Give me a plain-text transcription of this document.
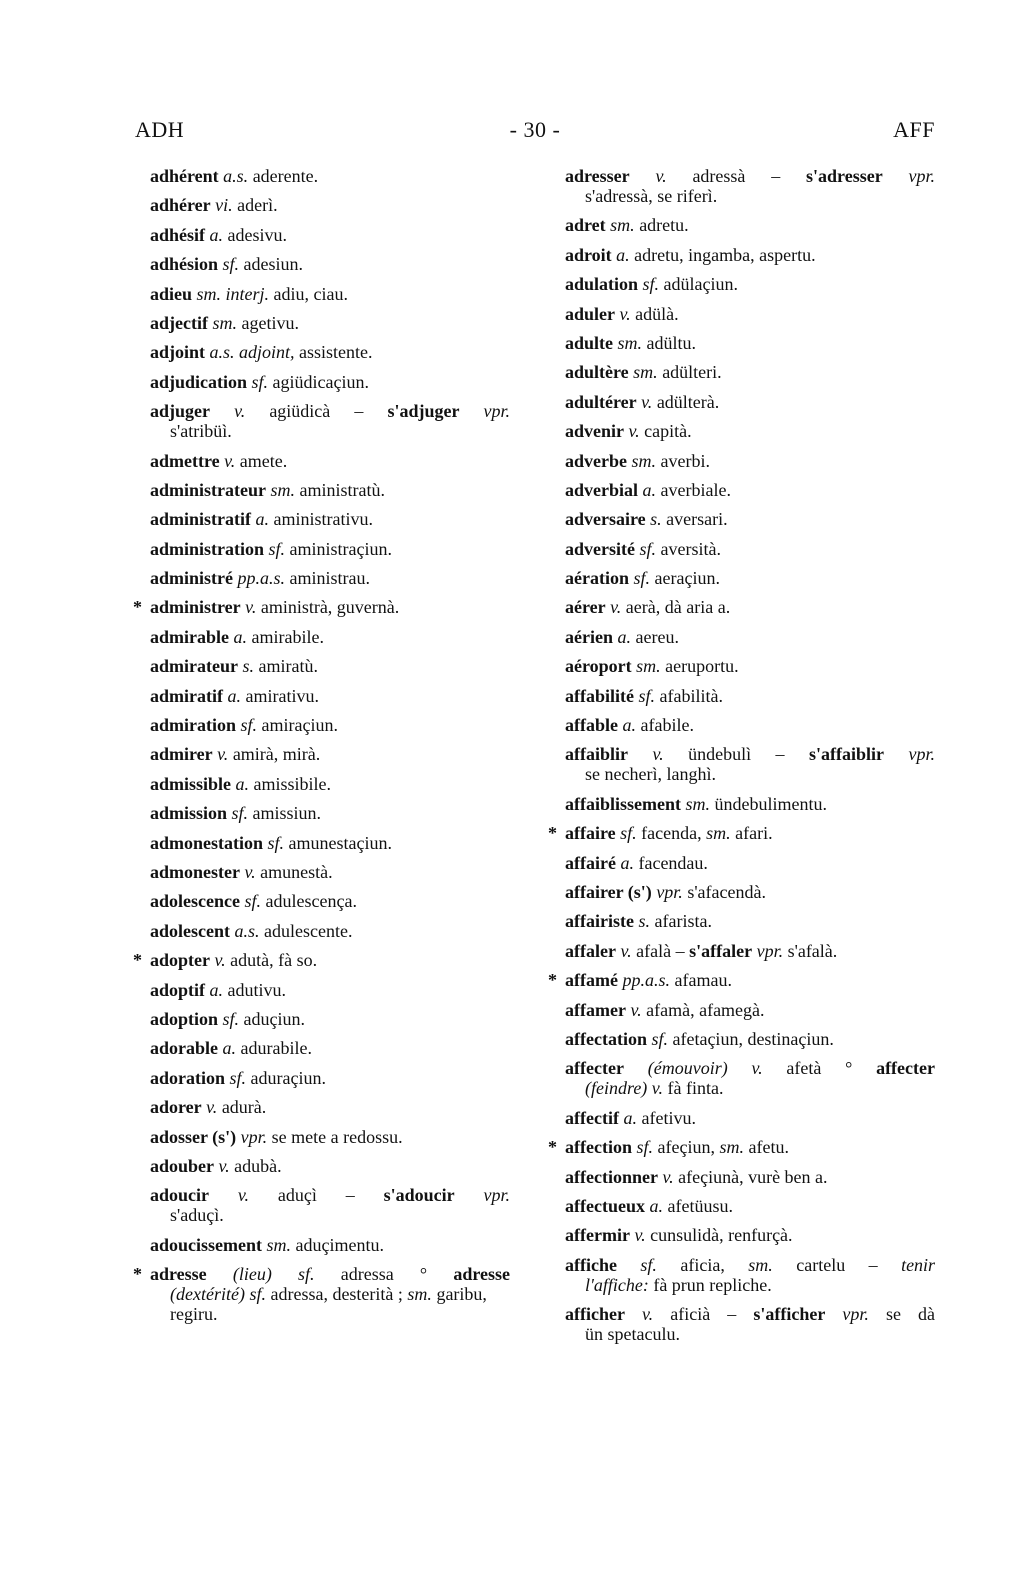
ADH	- 30 -	AFF
adhérent a.s. aderente.
adhérer vi. aderì.
adhésif a. adesivu.
adhésion sf. adesiun.
adieu sm. interj. adiu, ciau.
adjectif sm. agetivu.
adjoint a.s. adjoint, assistente.
adjudication sf. agiüdicaçiun.
adjuger v. agiüdicà – s'adjuger vpr.
s'atribüì.
admettre v. amete.
administrateur sm. aministratù.
administratif a. aministrativu.
administration sf. aministraçiun.
administré pp.a.s. aministrau.
* administrer v. aministrà, guvernà.
admirable a. amirabile.
admirateur s. amiratù.
admiratif a. amirativu.
admiration sf. amiraçiun.
admirer v. amirà, mirà.
admissible a. amissibile.
admission sf. amissiun.
admonestation sf. amunestaçiun.
admonester v. amunestà.
adolescence sf. adulescença.
adolescent a.s. adulescente.
* adopter v. adutà, fà so.
adoptif a. adutivu.
adoption sf. aduçiun.
adorable a. adurabile.
adoration sf. aduraçiun.
adorer v. adurà.
adosser (s') vpr. se mete a redossu.
adouber v. adubà.
adoucir v. aduçì – s'adoucir vpr.
s'aduçì.
adoucissement sm. aduçimentu.
* adresse (lieu) sf. adressa ° adresse
(dextérité) sf. adressa, desterità ; sm. garibu, regiru.
adresser v. adressà – s'adresser vpr.
s'adressà, se riferì.
adret sm. adretu.
adroit a. adretu, ingamba, aspertu.
adulation sf. adülaçiun.
aduler v. adülà.
adulte sm. adültu.
adultère sm. adülteri.
adultérer v. adülterà.
advenir v. capità.
adverbe sm. averbi.
adverbial a. averbiale.
adversaire s. aversari.
adversité sf. aversità.
aération sf. aeraçiun.
aérer v. aerà, dà aria a.
aérien a. aereu.
aéroport sm. aeruportu.
affabilité sf. afabilità.
affable a. afabile.
affaiblir v. ündebulì – s'affaiblir vpr.
se necherì, langhì.
affaiblissement sm. ündebulimentu.
* affaire sf. facenda, sm. afari.
affairé a. facendau.
affairer (s') vpr. s'afacendà.
affairiste s. afarista.
affaler v. afalà – s'affaler vpr. s'afalà.
* affamé pp.a.s. afamau.
affamer v. afamà, afamegà.
affectation sf. afetaçiun, destinaçiun.
affecter (émouvoir) v. afetà ° affecter
(feindre) v. fà finta.
affectif a. afetivu.
* affection sf. afeçiun, sm. afetu.
affectionner v. afeçiunà, vurè ben a.
affectueux a. afetüusu.
affermir v. cunsulidà, renfurçà.
affiche sf. aficia, sm. cartelu – tenir
l'affiche: fà prun repliche.
afficher v. aficià – s'afficher vpr. se dà
ün spetaculu.
